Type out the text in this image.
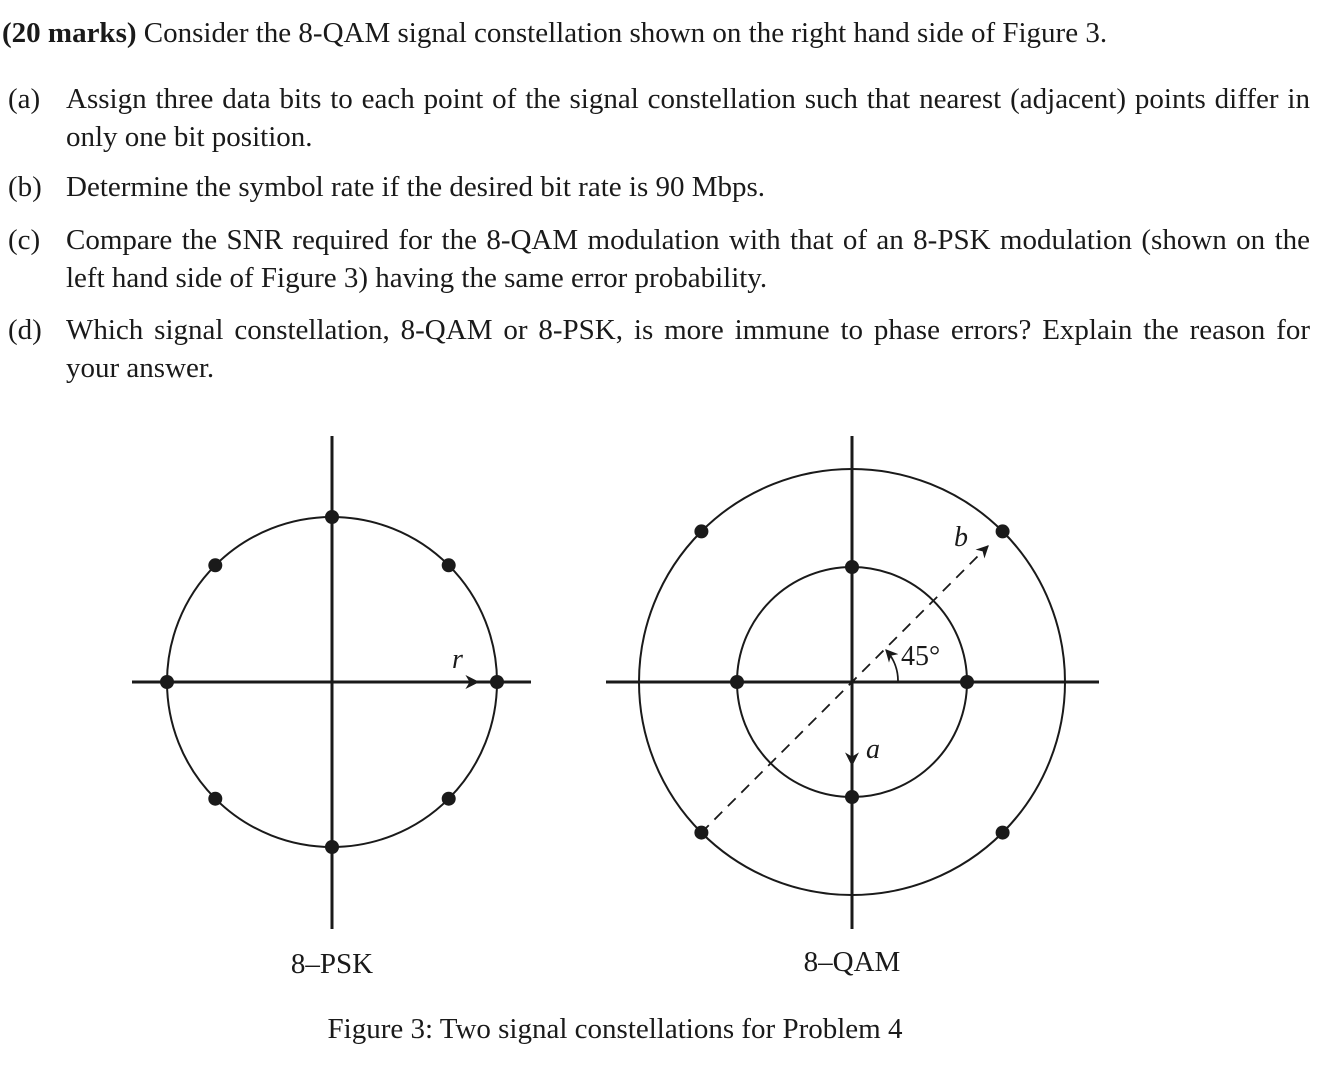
(20 marks) Consider the 8-QAM signal constellation shown on the right hand side of Figure 3.
(a) Assign three data bits to each point of the signal constellation such that nearest (adjacent) points differ in only one bit position.
(b) Determine the symbol rate if the desired bit rate is 90 Mbps.
(c) Compare the SNR required for the 8-QAM modulation with that of an 8-PSK modulation (shown on the left hand side of Figure 3) having the same error probability.
(d) Which signal constellation, 8-QAM or 8-PSK, is more immune to phase errors? Explain the reason for your answer.
r
8–PSK
45°
b
a
8–QAM
Figure 3: Two signal constellations for Problem 4
